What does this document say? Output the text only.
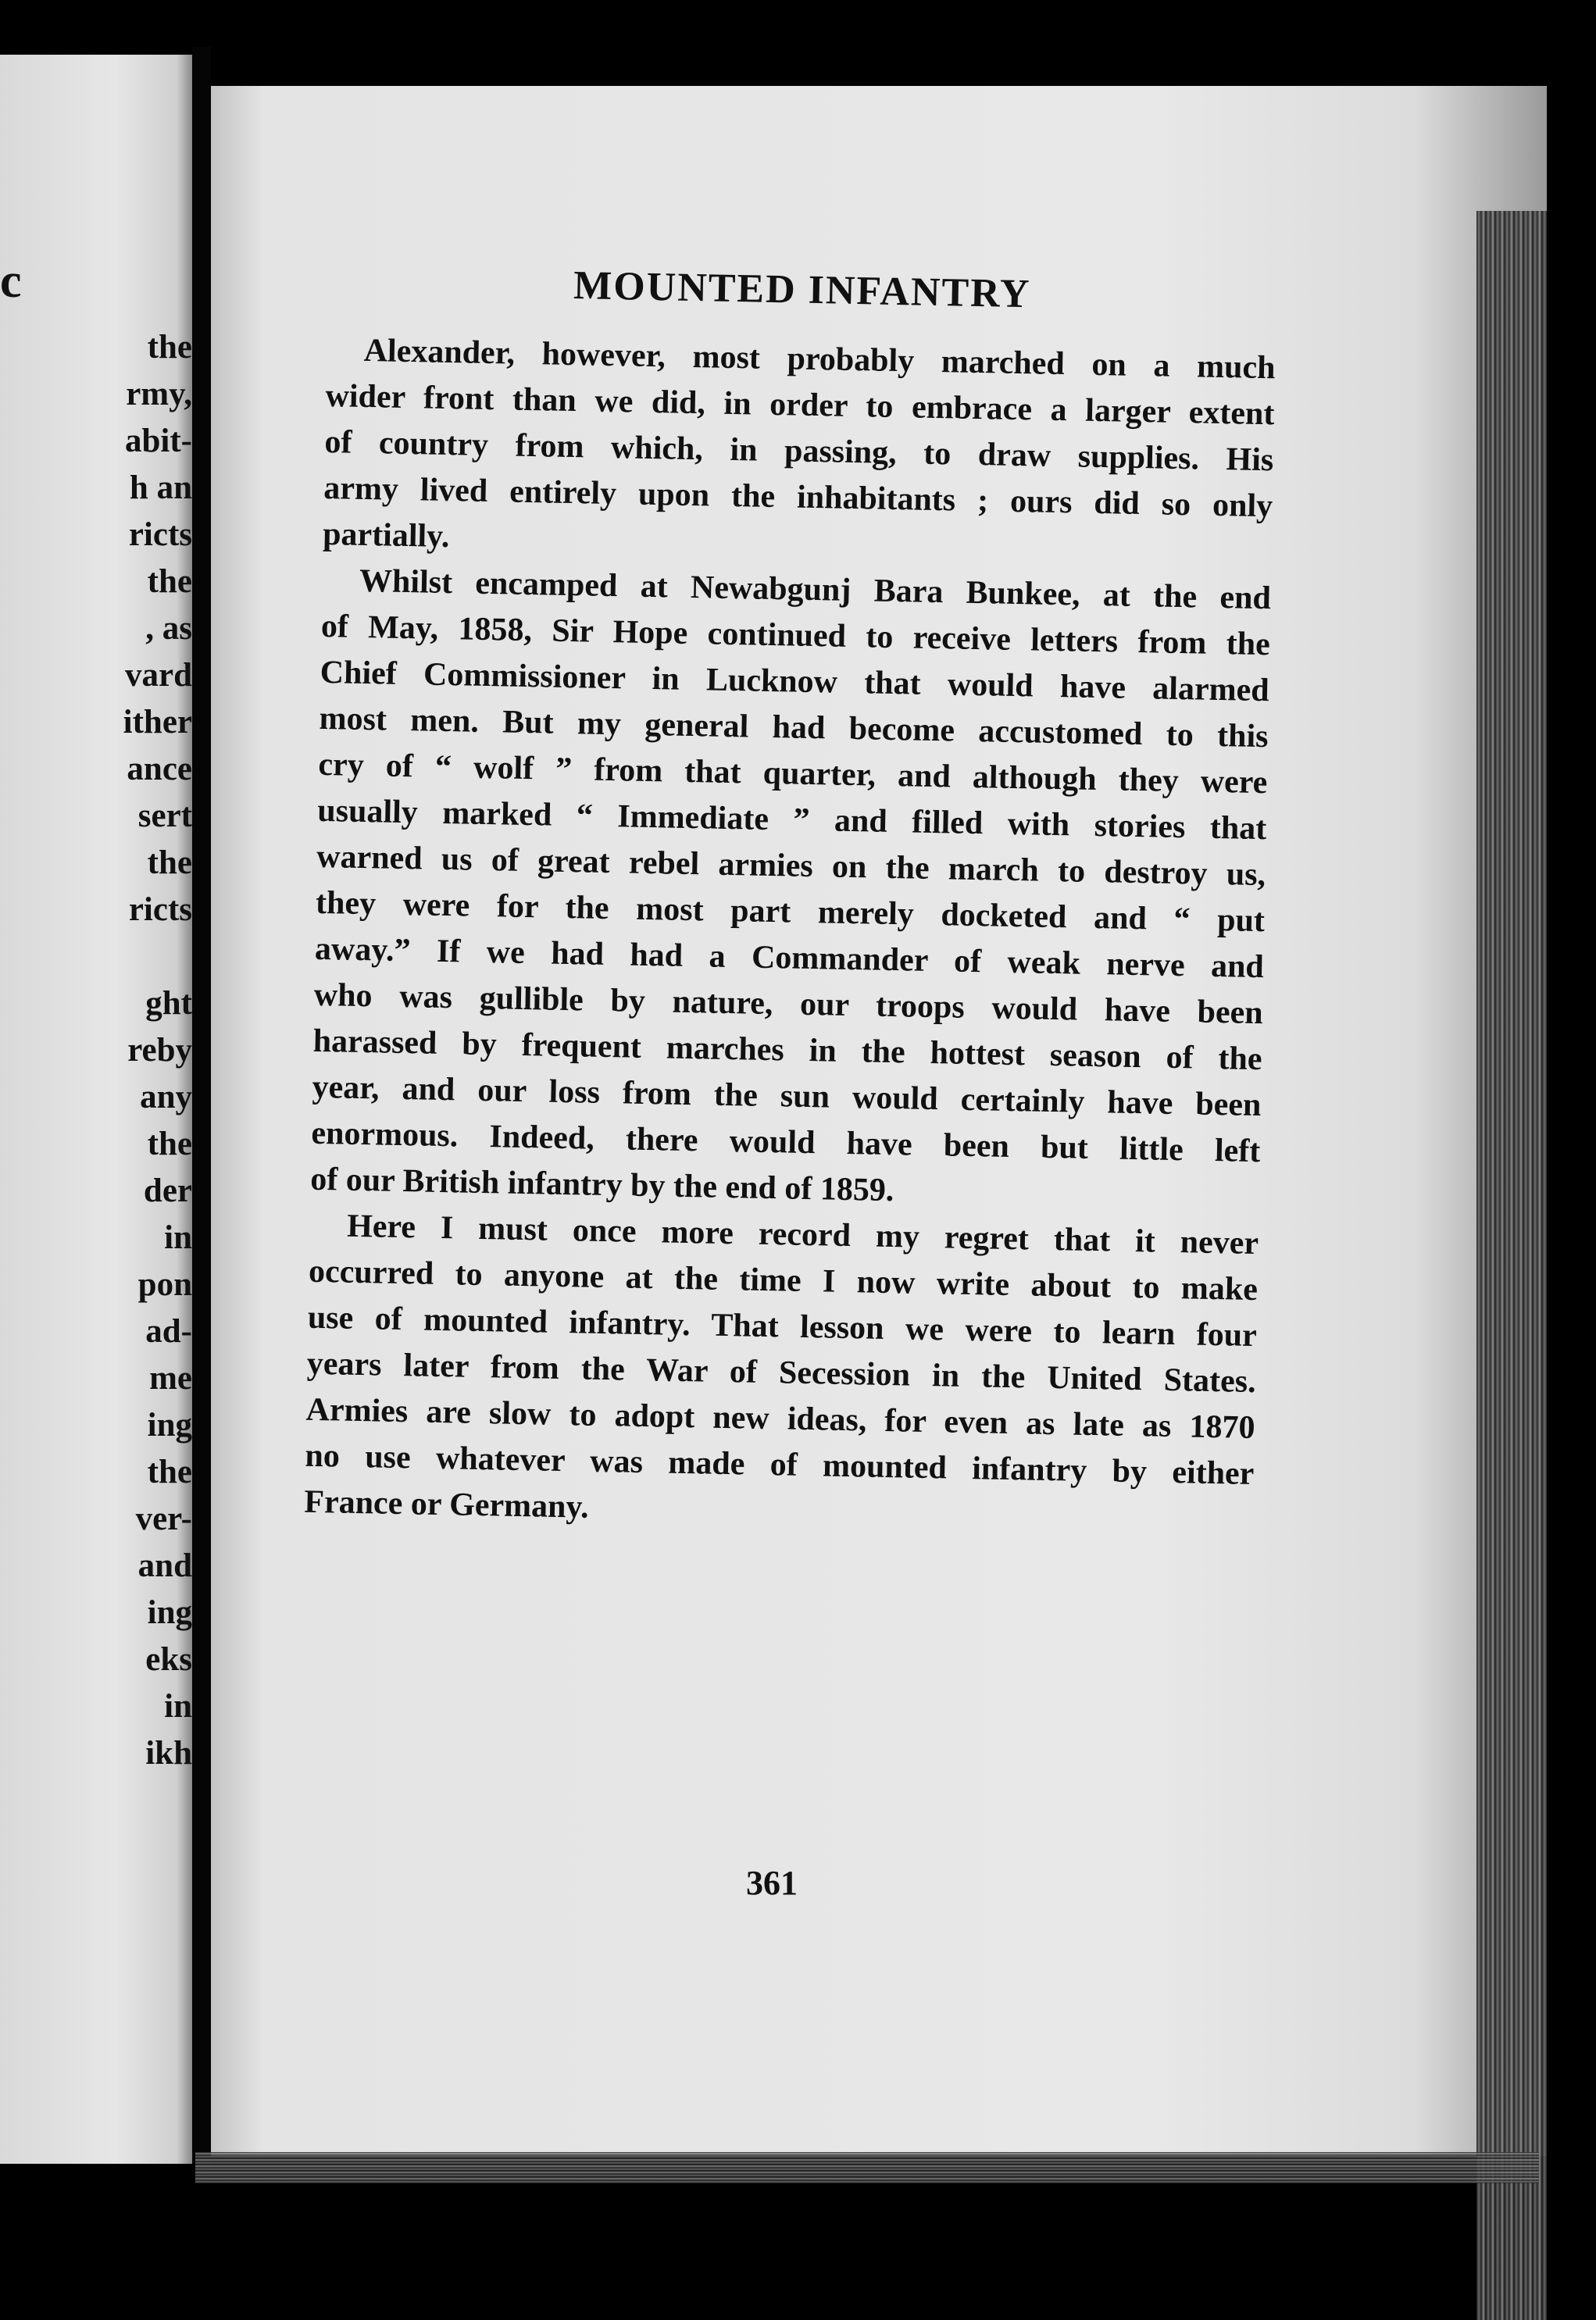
c
the
rmy,
abit-
h an
ricts
the
, as
vard
ither
ance
sert
the
ricts
ght
reby
any
the
der
in
pon
ad-
me
ing
the
ver-
and
ing
eks
in
ikh
MOUNTED INFANTRY

Alexander, however, most probably marched on a much
wider front than we did, in order to embrace a larger extent
of country from which, in passing, to draw supplies. His
army lived entirely upon the inhabitants ; ours did so only
partially.

Whilst encamped at Newabgunj Bara Bunkee, at the end
of May, 1858, Sir Hope continued to receive letters from the
Chief Commissioner in Lucknow that would have alarmed
most men. But my general had become accustomed to this
cry of “ wolf ” from that quarter, and although they were
usually marked “ Immediate ” and filled with stories that
warned us of great rebel armies on the march to destroy us,
they were for the most part merely docketed and “ put
away.” If we had had a Commander of weak nerve and
who was gullible by nature, our troops would have been
harassed by frequent marches in the hottest season of the
year, and our loss from the sun would certainly have been
enormous. Indeed, there would have been but little left
of our British infantry by the end of 1859.

Here I must once more record my regret that it never
occurred to anyone at the time I now write about to make
use of mounted infantry. That lesson we were to learn four
years later from the War of Secession in the United States.
Armies are slow to adopt new ideas, for even as late as 1870
no use whatever was made of mounted infantry by either
France or Germany.

361
